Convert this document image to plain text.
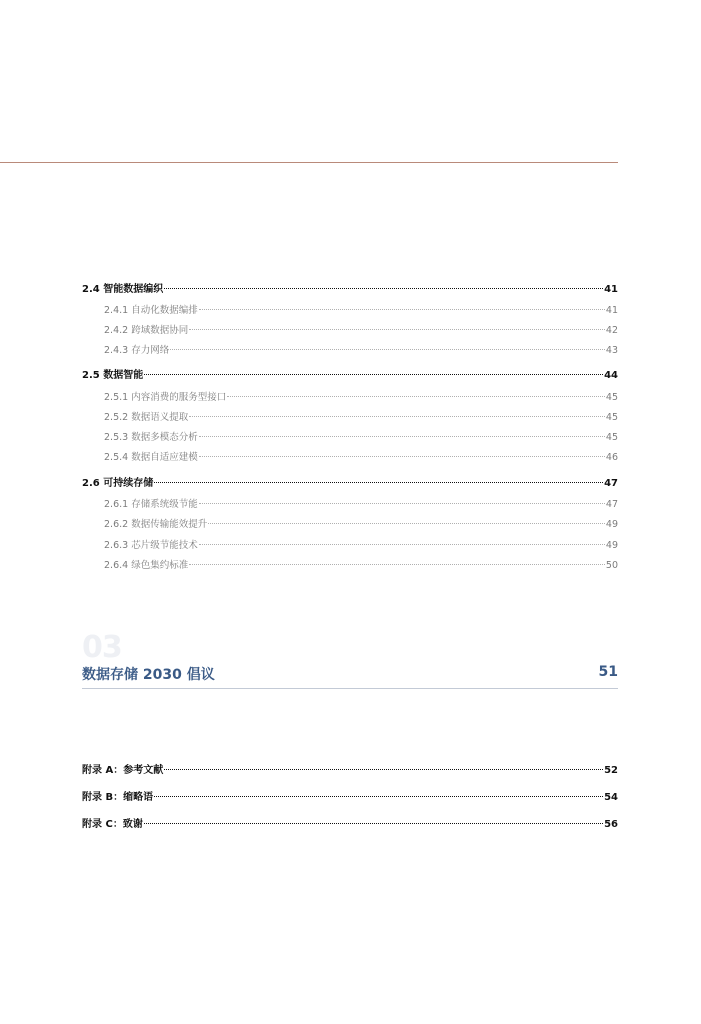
2.4 智能数据编织	41
2.4.1 自动化数据编排	41
2.4.2 跨域数据协同	42
2.4.3 存力网络	43
2.5 数据智能	44
2.5.1 内容消费的服务型接口	45
2.5.2 数据语义提取	45
2.5.3 数据多模态分析	45
2.5.4 数据自适应建模	46
2.6 可持续存储	47
2.6.1 存储系统级节能	47
2.6.2 数据传输能效提升	49
2.6.3 芯片级节能技术	49
2.6.4 绿色集约标准	50
03
数据存储 2030 倡议	51
附录 A：参考文献	52
附录 B：缩略语	54
附录 C：致谢	56
